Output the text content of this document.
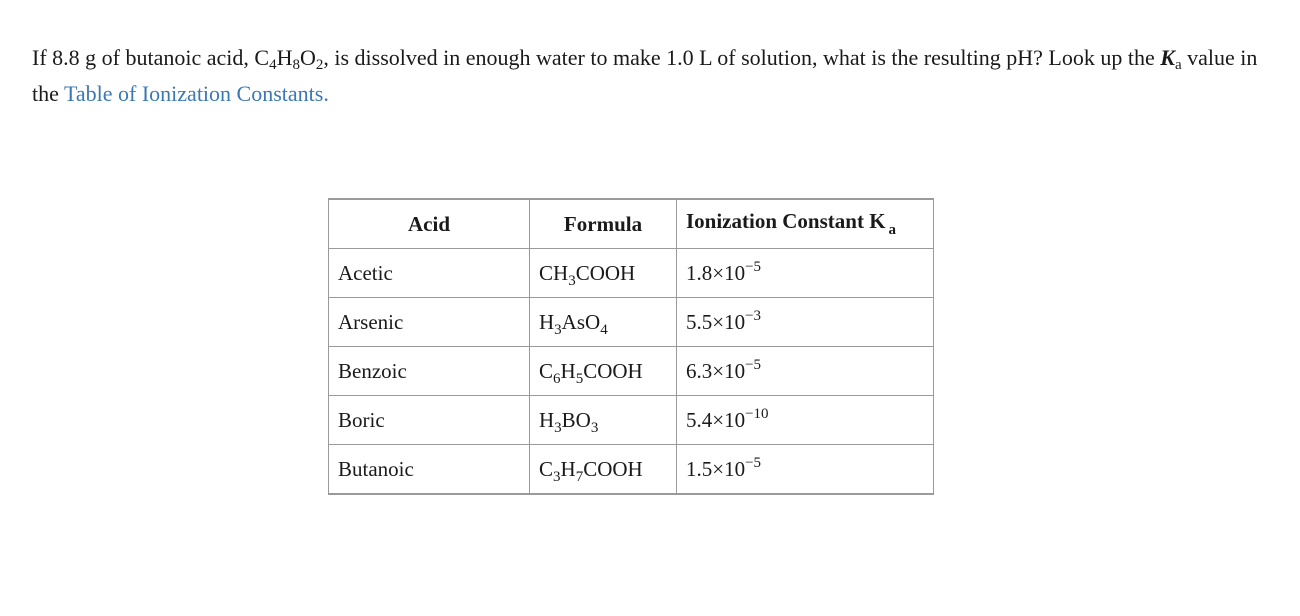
If 8.8 g of butanoic acid, $C_4H_8O_2$, is dissolved in enough water to make 1.0 L of solution, what is the resulting pH? Look up the $K_a$ value in the Table of Ionization Constants.
Acid	Formula	Ionization Constant K $_a$
Acetic	$CH_3COOH$	$1.8\times 10^{-5}$
Arsenic	$H_3AsO_4$	$5.5\times 10^{-3}$
Benzoic	$C_6H_5COOH$	$6.3\times 10^{-5}$
Boric	$H_3BO_3$	$5.4\times 10^{-10}$
Butanoic	$C_3H_7COOH$	$1.5\times 10^{-5}$
